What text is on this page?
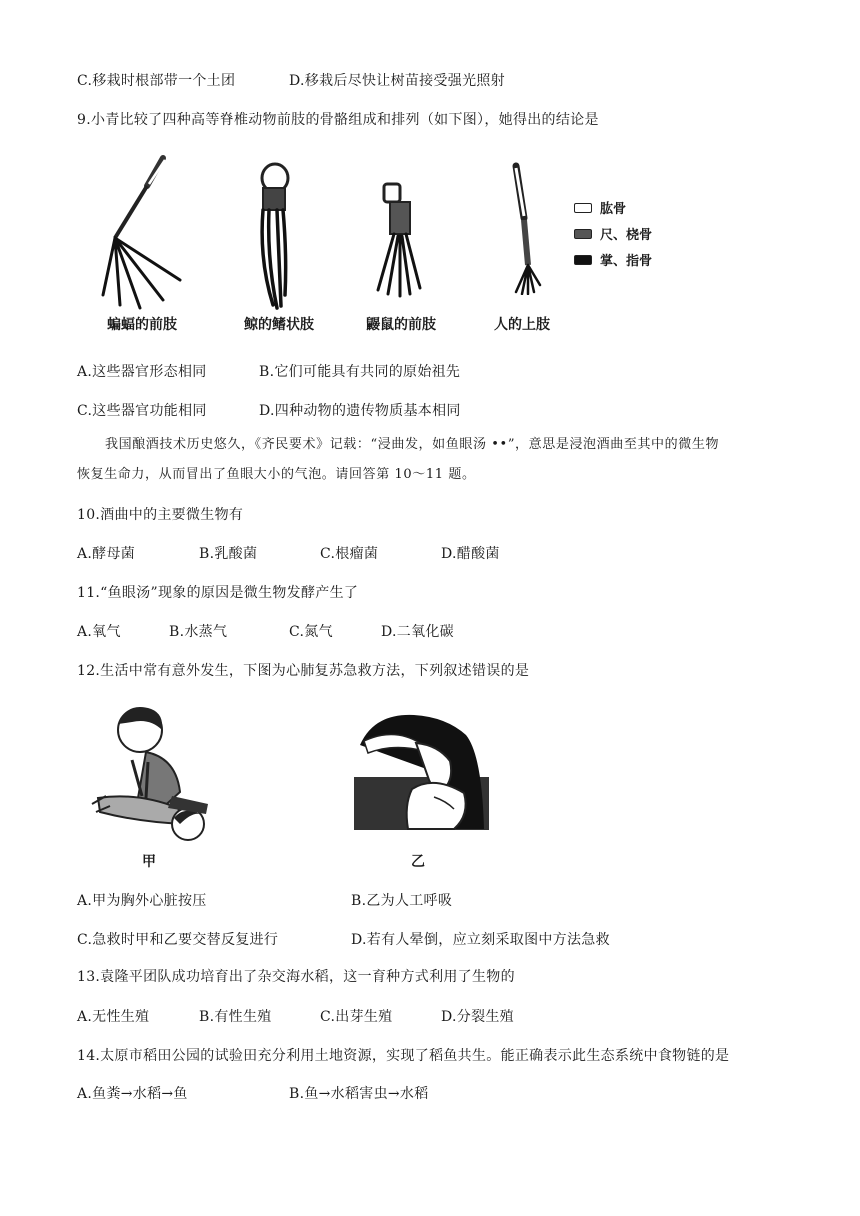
C.移栽时根部带一个土团	D.移栽后尽快让树苗接受强光照射
9.小青比较了四种高等脊椎动物前肢的骨骼组成和排列（如下图），她得出的结论是
蝙蝠的前肢	鲸的鳍状肢	鼹鼠的前肢	人的上肢
肱骨
尺、桡骨
掌、指骨
A.这些器官形态相同	B.它们可能具有共同的原始祖先
C.这些器官功能相同	D.四种动物的遗传物质基本相同
我国酿酒技术历史悠久，《齐民要术》记载：“浸曲发，如鱼眼汤 ••”，意思是浸泡酒曲至其中的微生物
恢复生命力，从而冒出了鱼眼大小的气泡。请回答第 10～11 题。
10.酒曲中的主要微生物有
A.酵母菌	B.乳酸菌	C.根瘤菌	D.醋酸菌
11.“鱼眼汤”现象的原因是微生物发酵产生了
A.氧气	B.水蒸气	C.氮气	D.二氧化碳
12.生活中常有意外发生，下图为心肺复苏急救方法，下列叙述错误的是
甲	乙
A.甲为胸外心脏按压	B.乙为人工呼吸
C.急救时甲和乙要交替反复进行	D.若有人晕倒，应立刻采取图中方法急救
13.袁隆平团队成功培育出了杂交海水稻，这一育种方式利用了生物的
A.无性生殖	B.有性生殖	C.出芽生殖	D.分裂生殖
14.太原市稻田公园的试验田充分利用土地资源，实现了稻鱼共生。能正确表示此生态系统中食物链的是
A.鱼粪→水稻→鱼	B.鱼→水稻害虫→水稻
